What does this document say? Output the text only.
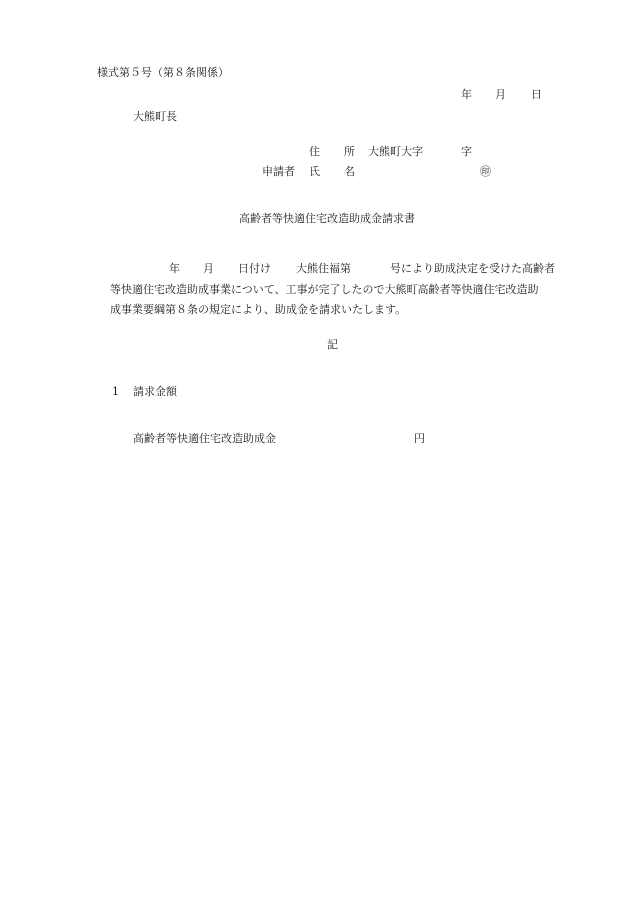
様式第５号（第８条関係）
年 月 日
大熊町長
住 所 大熊町大字	字
申請者 氏 名	㊞
高齢者等快適住宅改造助成金請求書
年 月 日付け 大熊住福第	号により助成決定を受けた高齢者
等快適住宅改造助成事業について、工事が完了したので大熊町高齢者等快適住宅改造助
成事業要綱第８条の規定により、助成金を請求いたします。
記
1 請求金額
高齢者等快適住宅改造助成金	円
